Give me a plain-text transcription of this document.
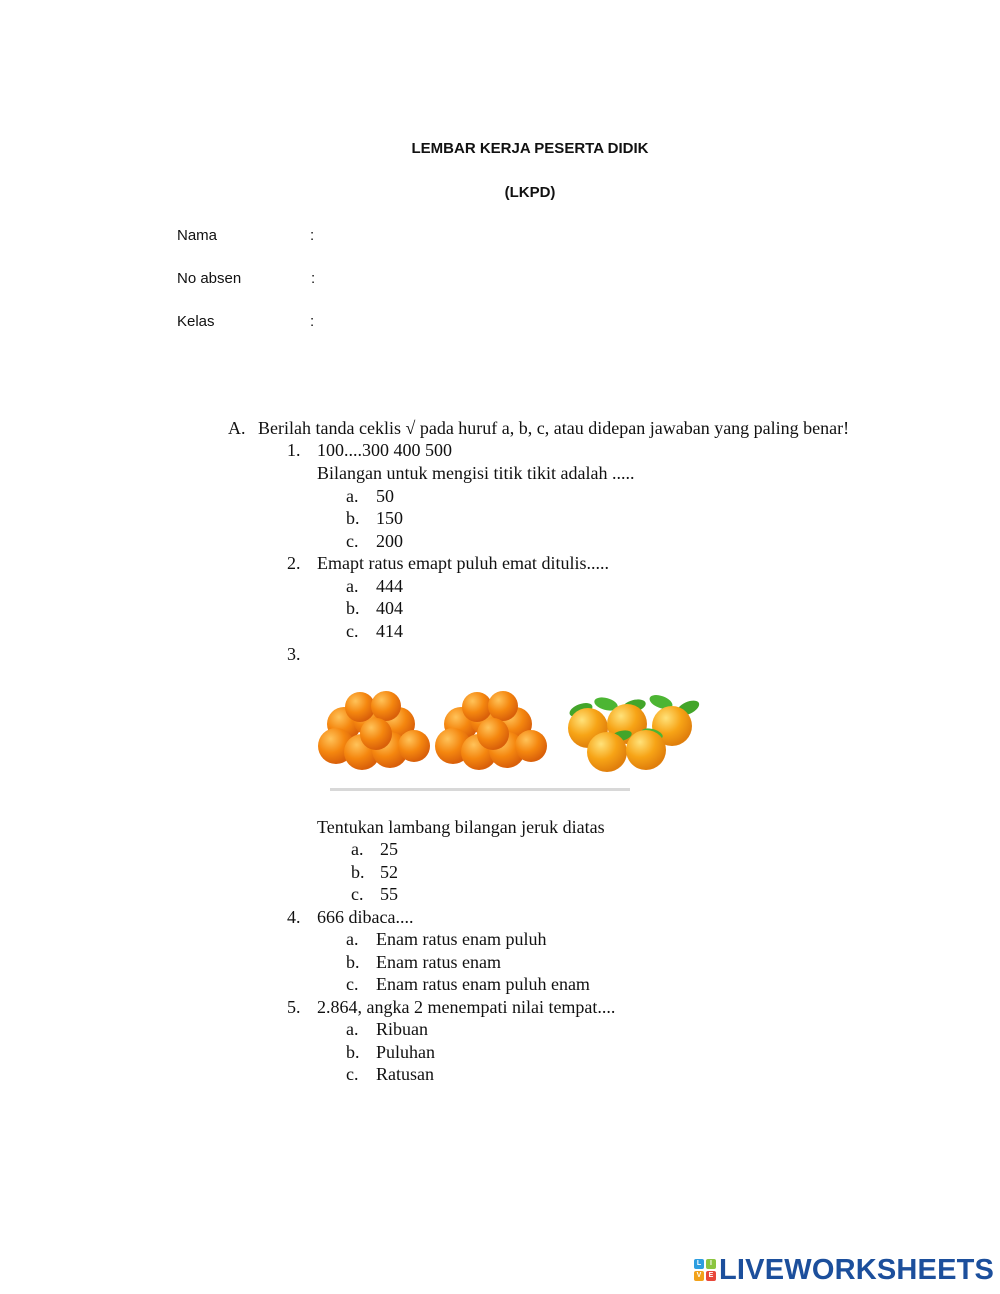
LEMBAR KERJA PESERTA DIDIK
(LKPD)
Nama	:
No absen	:
Kelas	:
A. Berilah tanda ceklis √ pada huruf a, b, c, atau didepan jawaban yang paling benar!
1. 100....300 400 500
Bilangan untuk mengisi titik tikit adalah .....
a. 50
b. 150
c. 200
2. Emapt ratus emapt puluh emat ditulis.....
a. 444
b. 404
c. 414
3.
Tentukan lambang bilangan jeruk diatas
a. 25
b. 52
c. 55
4. 666 dibaca....
a. Enam ratus enam puluh
b. Enam ratus enam
c. Enam ratus enam puluh enam
5. 2.864, angka 2 menempati nilai tempat....
a. Ribuan
b. Puluhan
c. Ratusan
L	I
V	E LIVEWORKSHEETS
